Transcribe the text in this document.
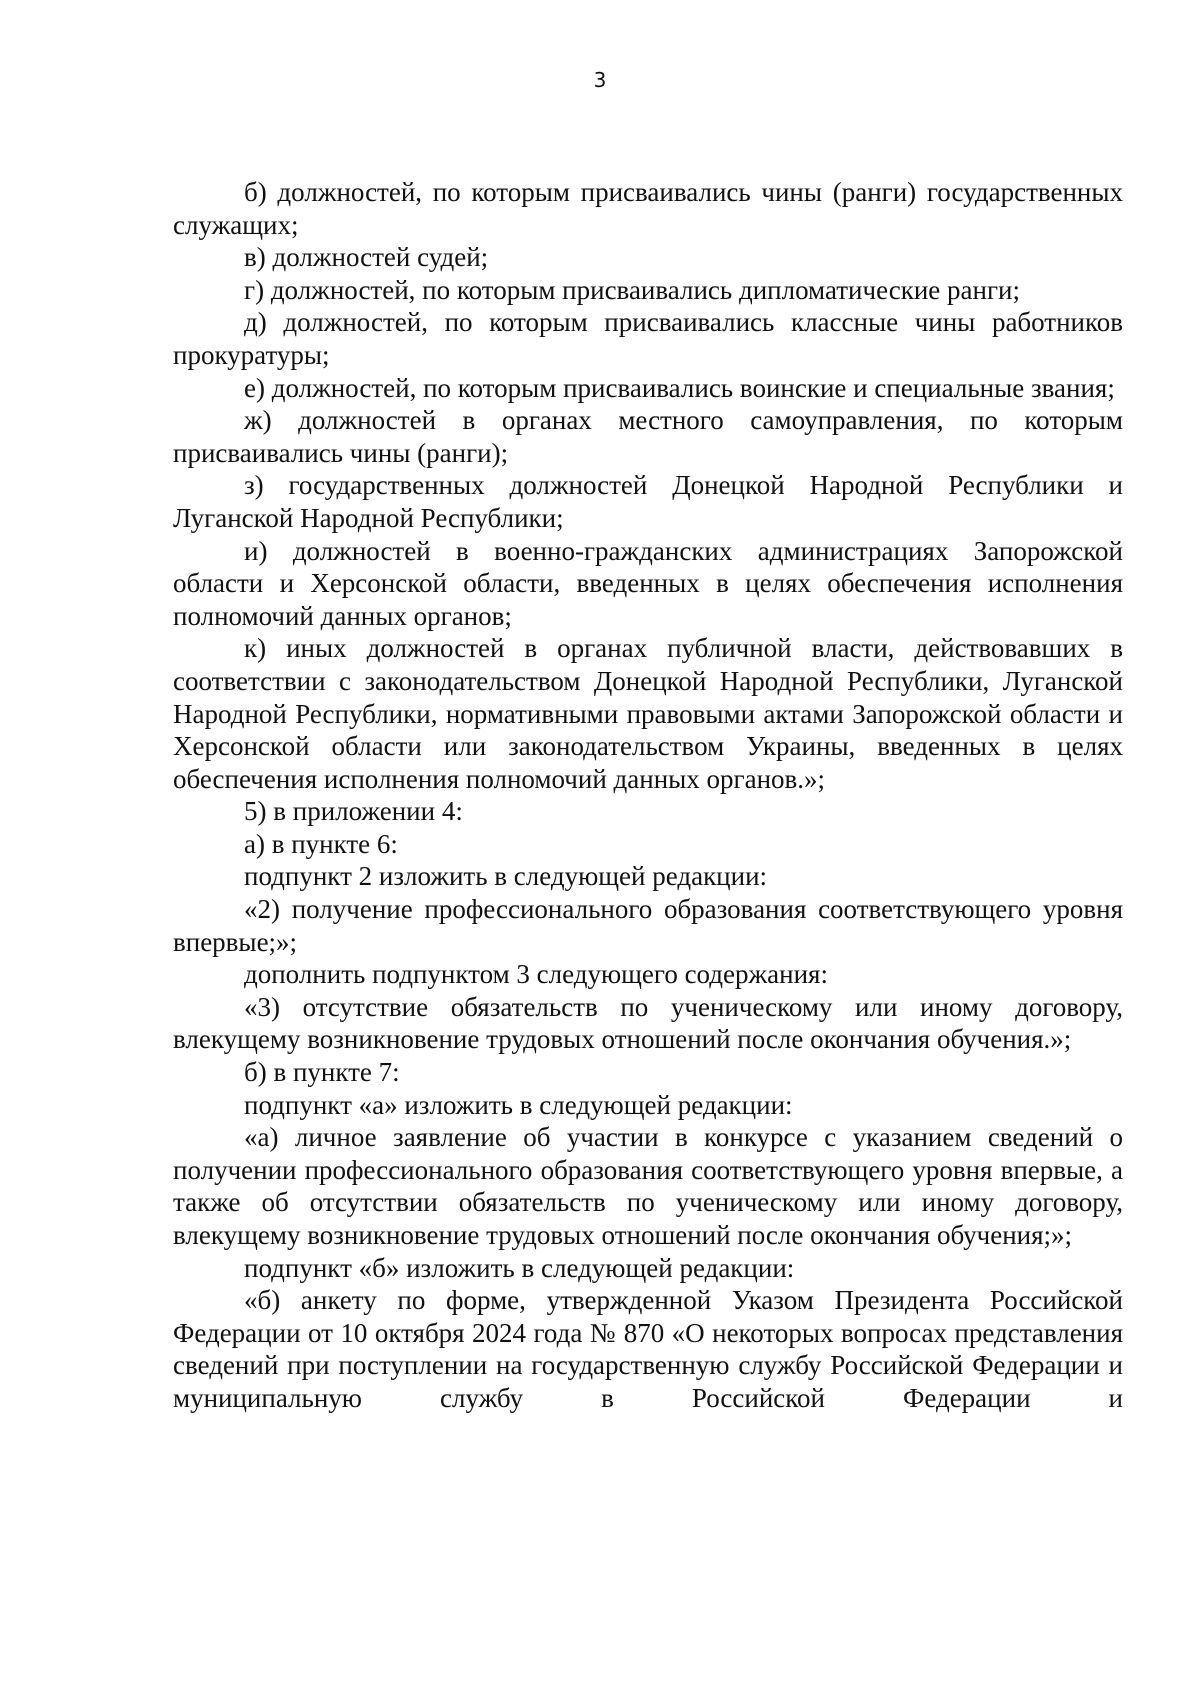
3

б) должностей, по которым присваивались чины (ранги) государственных служащих;

в) должностей судей;

г) должностей, по которым присваивались дипломатические ранги;

д) должностей, по которым присваивались классные чины работников прокуратуры;

е) должностей, по которым присваивались воинские и специальные звания;

ж) должностей в органах местного самоуправления, по которым присваивались чины (ранги);

з) государственных должностей Донецкой Народной Республики и Луганской Народной Республики;

и) должностей в военно-гражданских администрациях Запорожской области и Херсонской области, введенных в целях обеспечения исполнения полномочий данных органов;

к) иных должностей в органах публичной власти, действовавших в соответствии с законодательством Донецкой Народной Республики, Луганской Народной Республики, нормативными правовыми актами Запорожской области и Херсонской области или законодательством Украины, введенных в целях обеспечения исполнения полномочий данных органов.»;

5) в приложении 4:

а) в пункте 6:

подпункт 2 изложить в следующей редакции:

«2) получение профессионального образования соответствующего уровня впервые;»;

дополнить подпунктом 3 следующего содержания:

«3) отсутствие обязательств по ученическому или иному договору, влекущему возникновение трудовых отношений после окончания обучения.»;

б) в пункте 7:

подпункт «а» изложить в следующей редакции:

«а) личное заявление об участии в конкурсе с указанием сведений о получении профессионального образования соответствующего уровня впервые, а также об отсутствии обязательств по ученическому или иному договору, влекущему возникновение трудовых отношений после окончания обучения;»;

подпункт «б» изложить в следующей редакции:

«б) анкету по форме, утвержденной Указом Президента Российской Федерации от 10 октября 2024 года № 870 «О некоторых вопросах представления сведений при поступлении на государственную службу Российской Федерации и муниципальную службу в Российской Федерации и
